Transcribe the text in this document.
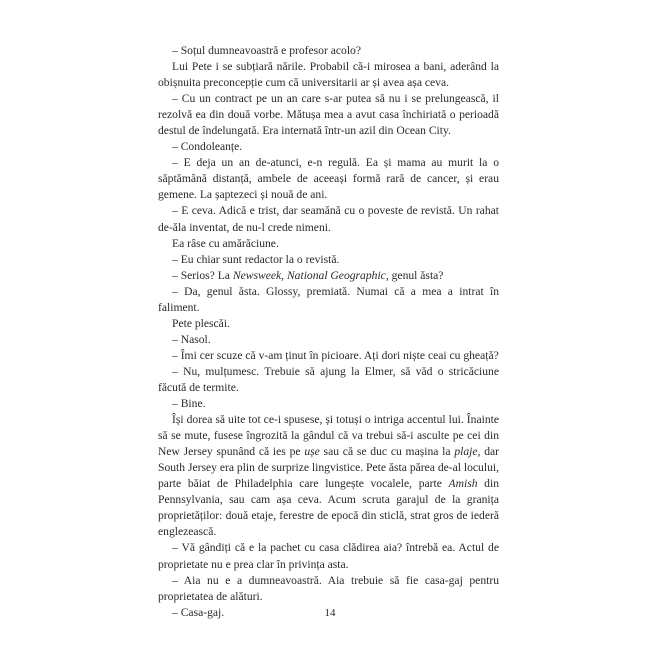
– Soțul dumneavoastră e profesor acolo?

Lui Pete i se subțiară nările. Probabil că-i mirosea a bani, aderând la obișnuita preconcepție cum că universitarii ar și avea așa ceva.

– Cu un contract pe un an care s-ar putea să nu i se prelungească, il rezolvă ea din două vorbe. Mătușa mea a avut casa închiriată o perioadă destul de îndelungată. Era internată într-un azil din Ocean City.

– Condoleanțe.

– E deja un an de-atunci, e-n regulă. Ea și mama au murit la o săptămână distanță, ambele de aceeași formă rară de cancer, și erau gemene. La șaptezeci și nouă de ani.

– E ceva. Adică e trist, dar seamănă cu o poveste de revistă. Un rahat de-ăla inventat, de nu-l crede nimeni.

Ea râse cu amărăciune.

– Eu chiar sunt redactor la o revistă.

– Serios? La Newsweek, National Geographic, genul ăsta?

– Da, genul ăsta. Glossy, premiată. Numai că a mea a intrat în faliment.

Pete plescăi.

– Nasol.

– Îmi cer scuze că v-am ținut în picioare. Ați dori niște ceai cu gheață?

– Nu, mulțumesc. Trebuie să ajung la Elmer, să văd o stricăciune făcută de termite.

– Bine.

Își dorea să uite tot ce-i spusese, și totuși o intriga accentul lui. Înainte să se mute, fusese îngrozită la gândul că va trebui să-i asculte pe cei din New Jersey spunând că ies pe ușe sau că se duc cu mașina la plaje, dar South Jersey era plin de surprize lingvistice. Pete ăsta părea de-al locului, parte băiat de Philadelphia care lungește vocalele, parte Amish din Pennsylvania, sau cam așa ceva. Acum scruta garajul de la granița proprietăților: două etaje, ferestre de epocă din sticlă, strat gros de iederă englezească.

– Vă gândiți că e la pachet cu casa clădirea aia? întrebă ea. Actul de proprietate nu e prea clar în privința asta.

– Aia nu e a dumneavoastră. Aia trebuie să fie casa-gaj pentru proprietatea de alături.

– Casa-gaj.	14
